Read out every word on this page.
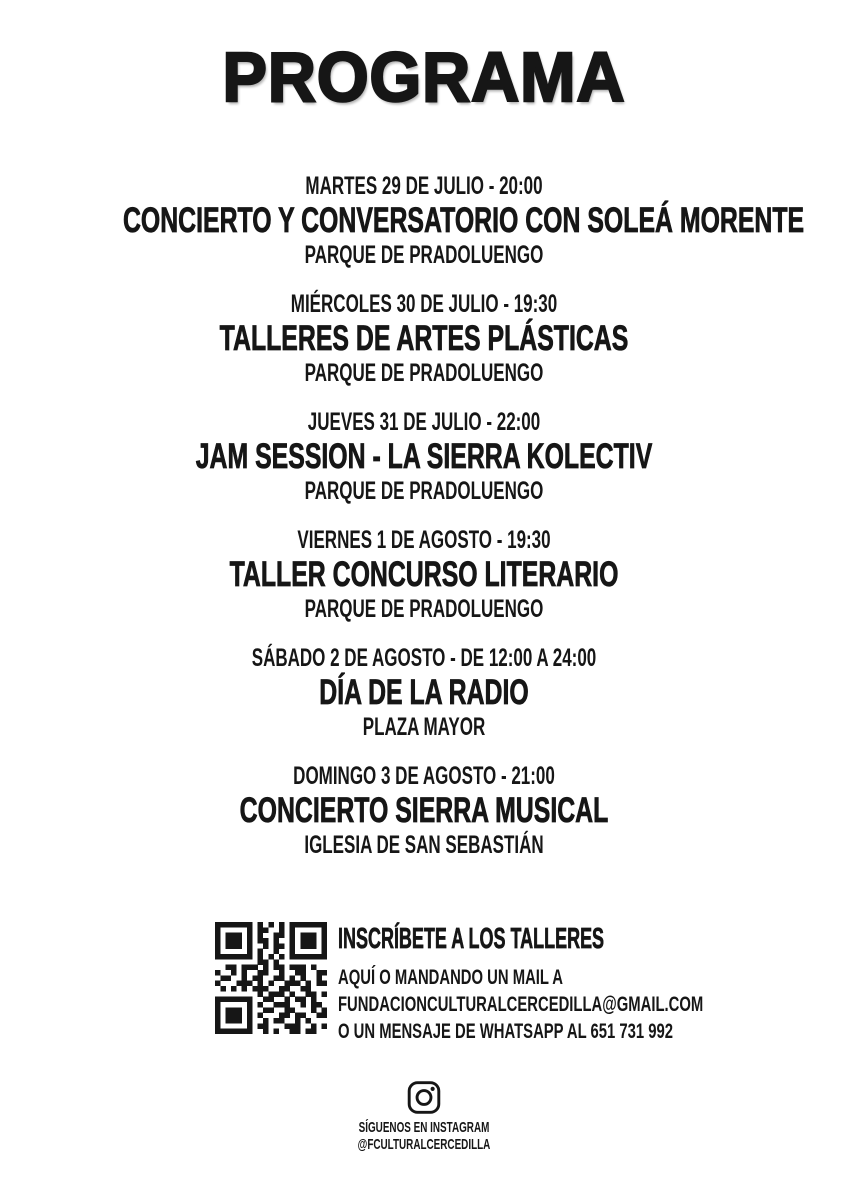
PROGRAMA
MARTES 29 DE JULIO - 20:00
CONCIERTO Y CONVERSATORIO CON SOLEÁ MORENTE
PARQUE DE PRADOLUENGO
MIÉRCOLES 30 DE JULIO - 19:30
TALLERES DE ARTES PLÁSTICAS
PARQUE DE PRADOLUENGO
JUEVES 31 DE JULIO - 22:00
JAM SESSION - LA SIERRA KOLECTIV
PARQUE DE PRADOLUENGO
VIERNES 1 DE AGOSTO - 19:30
TALLER CONCURSO LITERARIO
PARQUE DE PRADOLUENGO
SÁBADO 2 DE AGOSTO - DE 12:00 A 24:00
DÍA DE LA RADIO
PLAZA MAYOR
DOMINGO 3 DE AGOSTO - 21:00
CONCIERTO SIERRA MUSICAL
IGLESIA DE SAN SEBASTIÁN
INSCRÍBETE A LOS TALLERES
AQUÍ O MANDANDO UN MAIL A
FUNDACIONCULTURALCERCEDILLA@GMAIL.COM
O UN MENSAJE DE WHATSAPP AL 651 731 992
SÍGUENOS EN INSTAGRAM
@FCULTURALCERCEDILLA
